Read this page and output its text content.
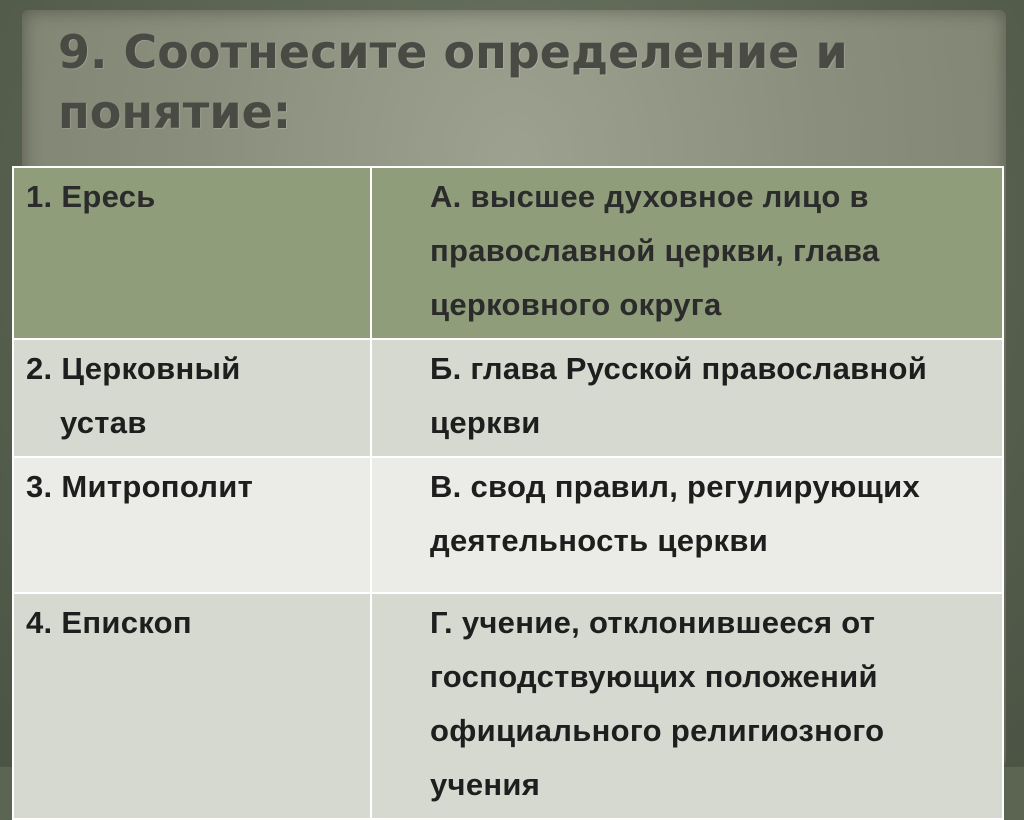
9. Соотнесите определение и понятие:
1. Ересь	А. высшее духовное лицо в православной церкви, глава церковного округа

2. Церковный
устав	Б. глава Русской православной церкви

3. Митрополит	В. свод правил, регулирующих деятельность церкви

4. Епископ	Г. учение, отклонившееся от господствующих положений официального религиозного учения
